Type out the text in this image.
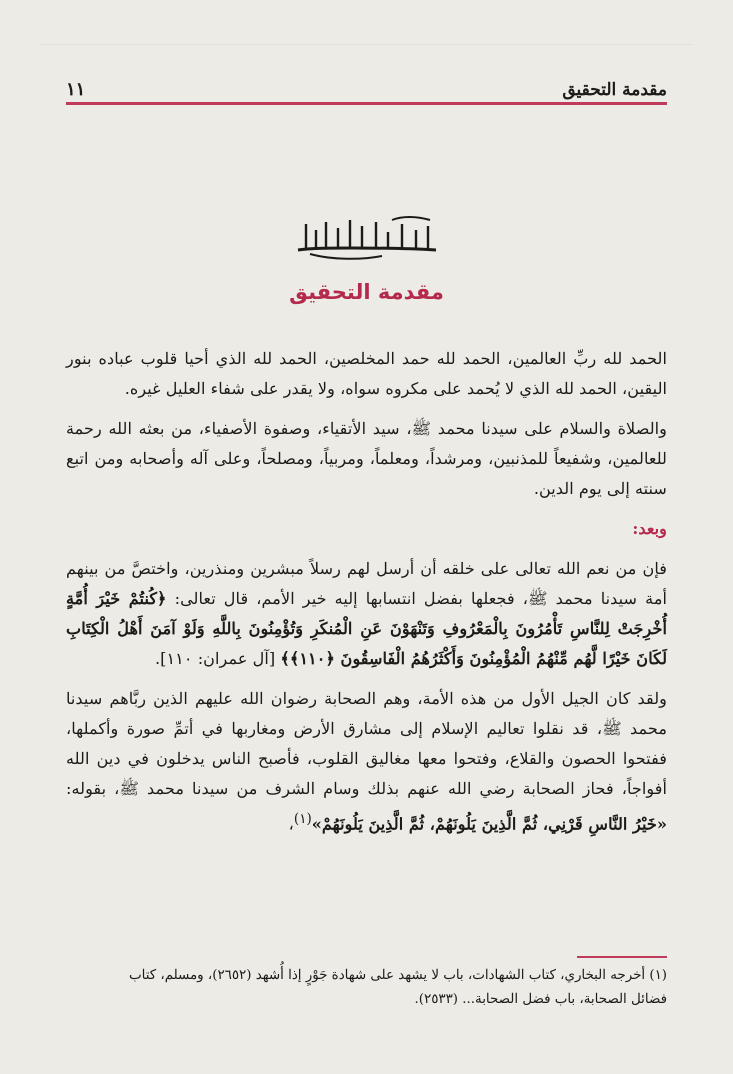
مقدمة التحقيق
١١
مقدمة التحقيق

الحمد لله ربِّ العالمين، الحمد لله حمد المخلصين، الحمد لله الذي أحيا قلوب عباده بنور اليقين، الحمد لله الذي لا يُحمد على مكروه سواه، ولا يقدر على شفاء العليل غيره.

والصلاة والسلام على سيدنا محمد ﷺ، سيد الأتقياء، وصفوة الأصفياء، من بعثه الله رحمة للعالمين، وشفيعاً للمذنبين، ومرشداً، ومعلماً، ومربياً، ومصلحاً، وعلى آله وأصحابه ومن اتبع سنته إلى يوم الدين.

وبعد:

فإن من نعم الله تعالى على خلقه أن أرسل لهم رسلاً مبشرين ومنذرين، واختصَّ من بينهم أمة سيدنا محمد ﷺ، فجعلها بفضل انتسابها إليه خير الأمم، قال تعالى: ﴿كُنتُمْ خَيْرَ أُمَّةٍ أُخْرِجَتْ لِلنَّاسِ تَأْمُرُونَ بِالْمَعْرُوفِ وَتَنْهَوْنَ عَنِ الْمُنكَرِ وَتُؤْمِنُونَ بِاللَّهِ وَلَوْ آمَنَ أَهْلُ الْكِتَابِ لَكَانَ خَيْرًا لَّهُم مِّنْهُمُ الْمُؤْمِنُونَ وَأَكْثَرُهُمُ الْفَاسِقُونَ ﴿١١٠﴾﴾ [آل عمران: ١١٠].

ولقد كان الجيل الأول من هذه الأمة، وهم الصحابة رضوان الله عليهم الذين ربَّاهم سيدنا محمد ﷺ، قد نقلوا تعاليم الإسلام إلى مشارق الأرض ومغاربها في أتمِّ صورة وأكملها، ففتحوا الحصون والقلاع، وفتحوا معها مغاليق القلوب، فأصبح الناس يدخلون في دين الله أفواجاً، فحاز الصحابة رضي الله عنهم بذلك وسام الشرف من سيدنا محمد ﷺ، بقوله: «خَيْرُ النَّاسِ قَرْنِي، ثُمَّ الَّذِينَ يَلُونَهُمْ، ثُمَّ الَّذِينَ يَلُونَهُمْ»$^{(١)}$،

(١) أخرجه البخاري، كتاب الشهادات، باب لا يشهد على شهادة جَوْرٍ إذا أُشهد (٢٦٥٢)، ومسلم، كتاب

فضائل الصحابة، باب فضل الصحابة... (٢٥٣٣).
